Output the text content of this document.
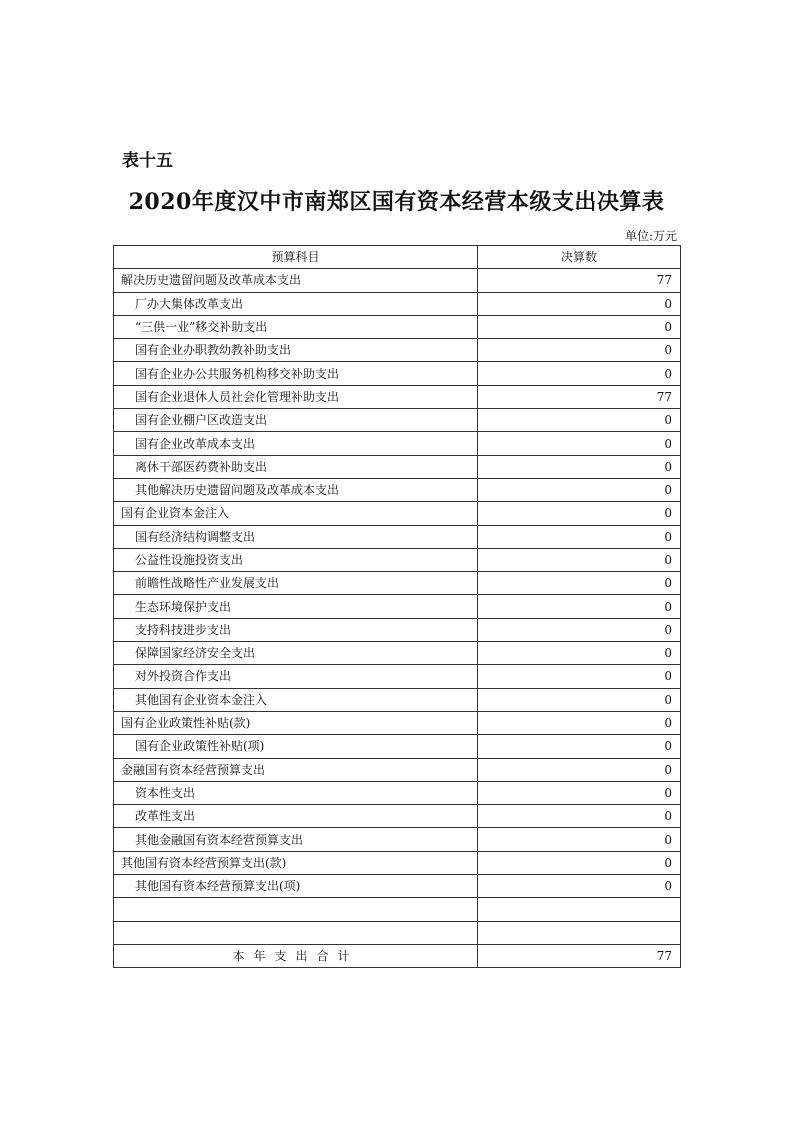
表十五
2020年度汉中市南郑区国有资本经营本级支出决算表
单位:万元
预算科目	决算数
解决历史遗留问题及改革成本支出	77
厂办大集体改革支出	0
“三供一业”移交补助支出	0
国有企业办职教幼教补助支出	0
国有企业办公共服务机构移交补助支出	0
国有企业退休人员社会化管理补助支出	77
国有企业棚户区改造支出	0
国有企业改革成本支出	0
离休干部医药费补助支出	0
其他解决历史遗留问题及改革成本支出	0
国有企业资本金注入	0
国有经济结构调整支出	0
公益性设施投资支出	0
前瞻性战略性产业发展支出	0
生态环境保护支出	0
支持科技进步支出	0
保障国家经济安全支出	0
对外投资合作支出	0
其他国有企业资本金注入	0
国有企业政策性补贴(款)	0
国有企业政策性补贴(项)	0
金融国有资本经营预算支出	0
资本性支出	0
改革性支出	0
其他金融国有资本经营预算支出	0
其他国有资本经营预算支出(款)	0
其他国有资本经营预算支出(项)	0

本年支出合计	77
